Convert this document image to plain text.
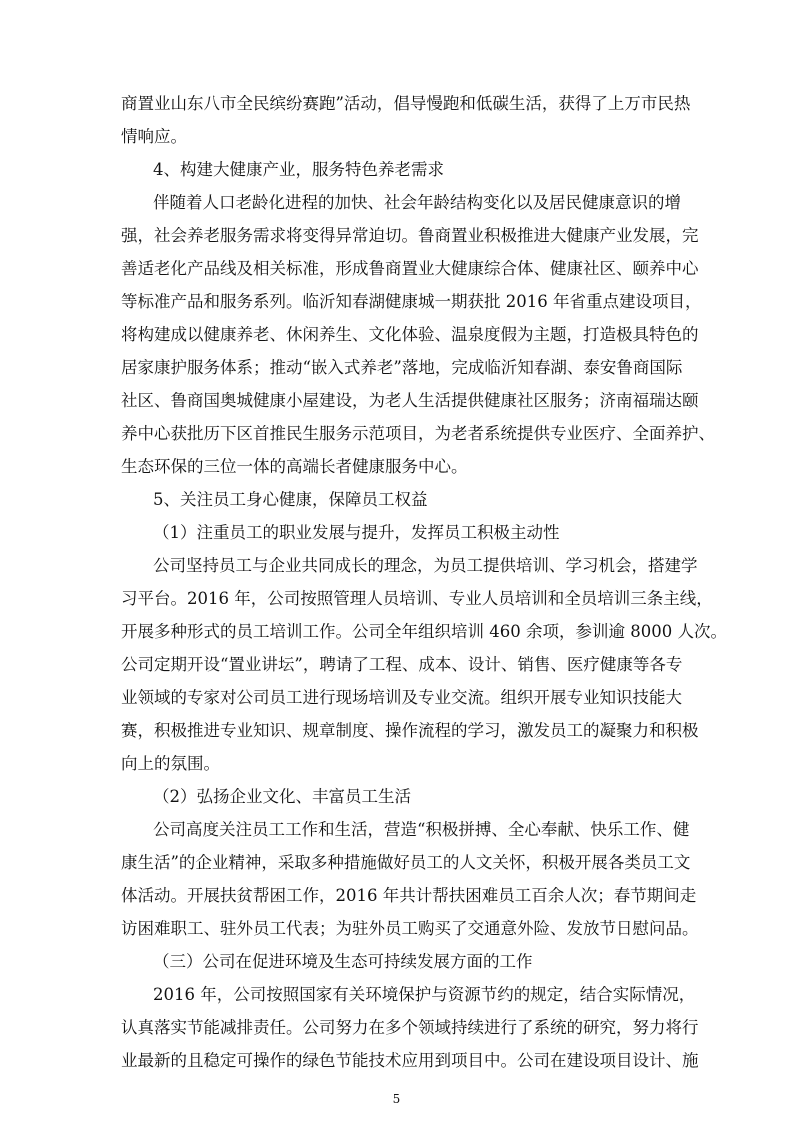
商置业山东八市全民缤纷赛跑”活动，倡导慢跑和低碳生活，获得了上万市民热
情响应。
4、构建大健康产业，服务特色养老需求
伴随着人口老龄化进程的加快、社会年龄结构变化以及居民健康意识的增
强，社会养老服务需求将变得异常迫切。鲁商置业积极推进大健康产业发展，完
善适老化产品线及相关标准，形成鲁商置业大健康综合体、健康社区、颐养中心
等标准产品和服务系列。临沂知春湖健康城一期获批 2016 年省重点建设项目，
将构建成以健康养老、休闲养生、文化体验、温泉度假为主题，打造极具特色的
居家康护服务体系；推动“嵌入式养老”落地，完成临沂知春湖、泰安鲁商国际
社区、鲁商国奥城健康小屋建设，为老人生活提供健康社区服务；济南福瑞达颐
养中心获批历下区首推民生服务示范项目，为老者系统提供专业医疗、全面养护、
生态环保的三位一体的高端长者健康服务中心。
5、关注员工身心健康，保障员工权益
（1）注重员工的职业发展与提升，发挥员工积极主动性
公司坚持员工与企业共同成长的理念，为员工提供培训、学习机会，搭建学
习平台。2016 年，公司按照管理人员培训、专业人员培训和全员培训三条主线，
开展多种形式的员工培训工作。公司全年组织培训 460 余项，参训逾 8000 人次。
公司定期开设“置业讲坛”，聘请了工程、成本、设计、销售、医疗健康等各专
业领域的专家对公司员工进行现场培训及专业交流。组织开展专业知识技能大
赛，积极推进专业知识、规章制度、操作流程的学习，激发员工的凝聚力和积极
向上的氛围。
（2）弘扬企业文化、丰富员工生活
公司高度关注员工工作和生活，营造“积极拼搏、全心奉献、快乐工作、健
康生活”的企业精神，采取多种措施做好员工的人文关怀，积极开展各类员工文
体活动。开展扶贫帮困工作，2016 年共计帮扶困难员工百余人次；春节期间走
访困难职工、驻外员工代表；为驻外员工购买了交通意外险、发放节日慰问品。
（三）公司在促进环境及生态可持续发展方面的工作
2016 年，公司按照国家有关环境保护与资源节约的规定，结合实际情况，
认真落实节能减排责任。公司努力在多个领域持续进行了系统的研究，努力将行
业最新的且稳定可操作的绿色节能技术应用到项目中。公司在建设项目设计、施
5
